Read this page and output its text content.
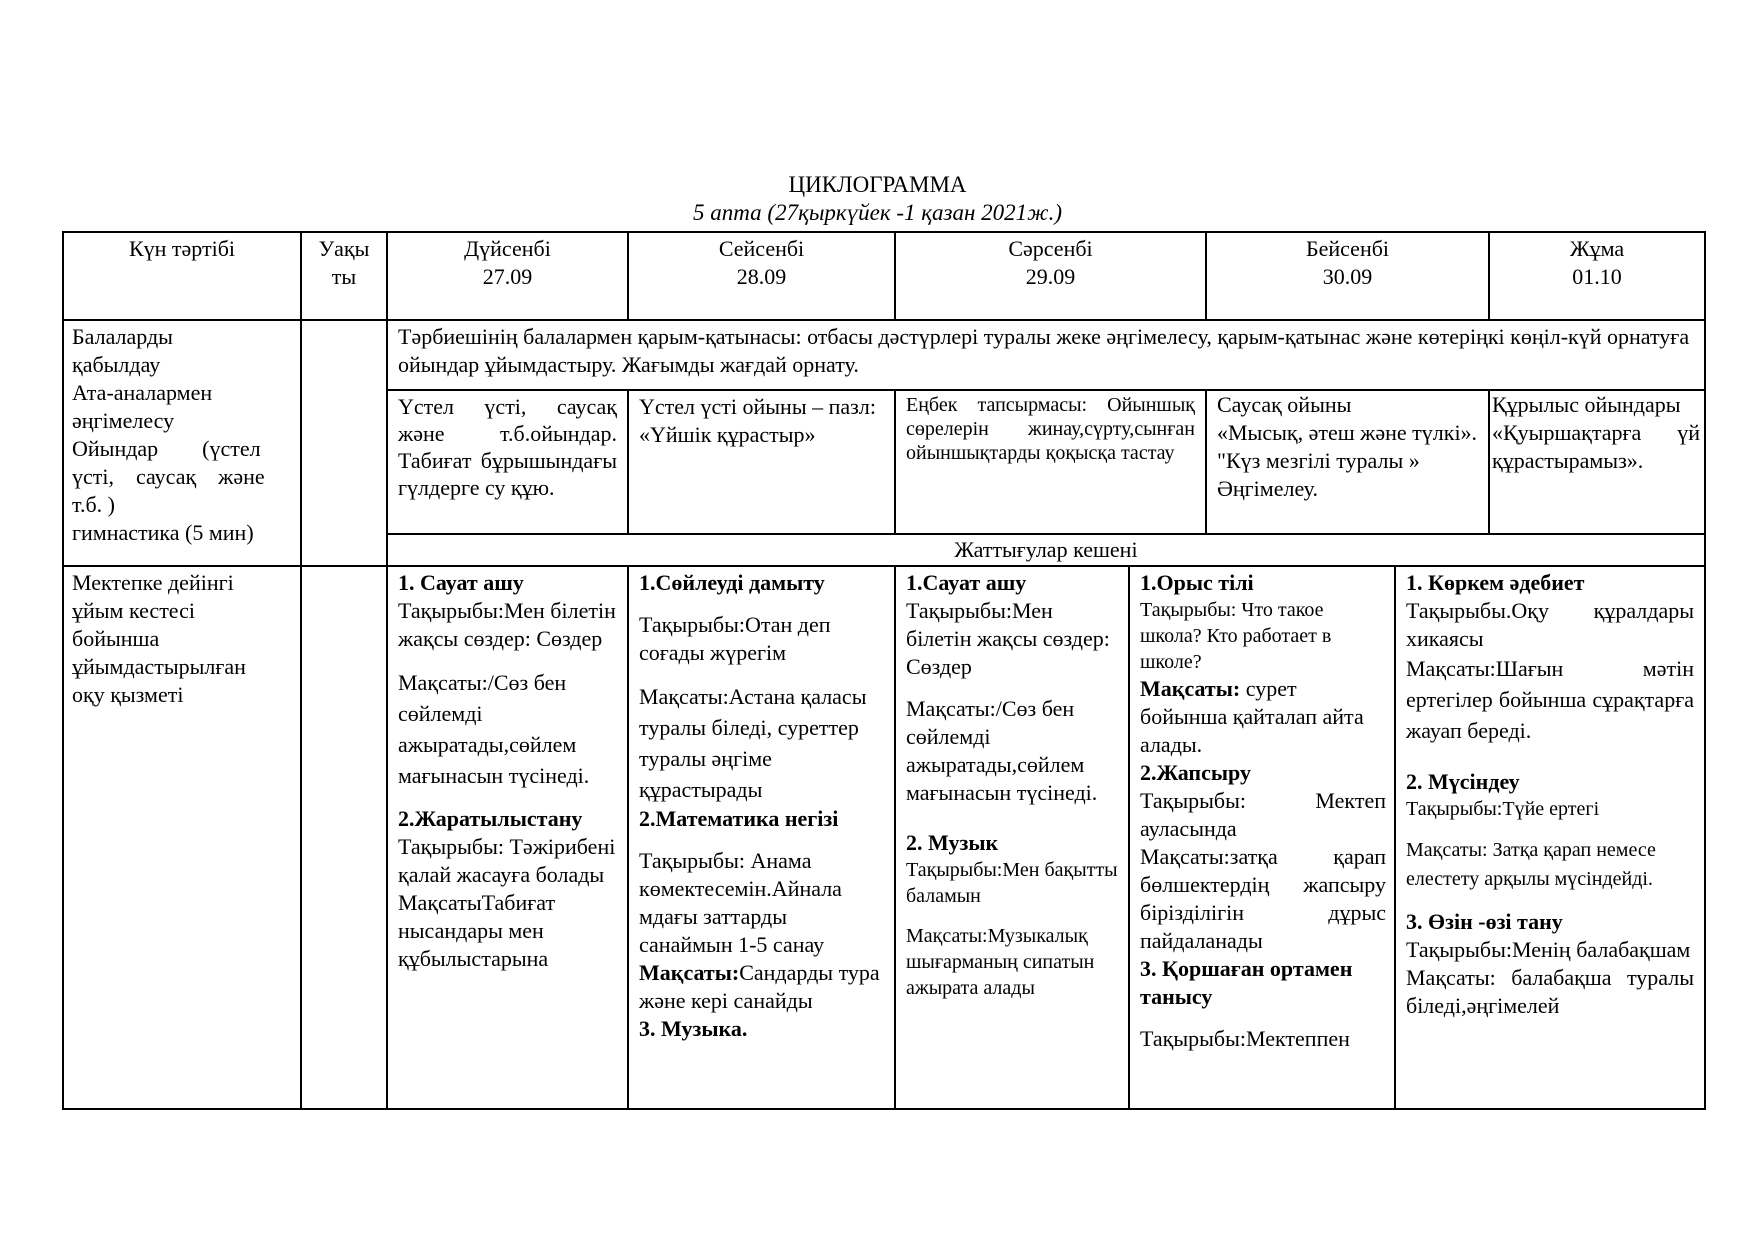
ЦИКЛОГРАММА
5 апта (27қыркүйек -1 қазан 2021ж.)

Күн тәртібі	Уақы

ты

Дүйсенбі

27.09

Сейсенбі

28.09

Сәрсенбі

29.09

Бейсенбі

30.09

Жұма

01.10

Балаларды

қабылдау

Ата-аналармен

әңгімелесу

Ойындар        (үстел

үсті,    саусақ    және

т.б. )

гимнастика (5 мин)

Тәрбиешінің балалармен қарым-қатынасы: отбасы дәстүрлері туралы жеке әңгімелесу, қарым-қатынас және көтеріңкі көңіл-күй орнатуға ойындар ұйымдастыру. Жағымды жағдай орнату.

Үстел үсті, саусақ және т.б.ойындар. Табиғат бұрышындағы гүлдерге су құю.

Үстел үсті ойыны – пазл:

«Үйшік құрастыр»

Еңбек тапсырмасы: Ойыншық сөрелерін жинау,сүрту,сынған ойыншықтарды қоқысқа тастау

Саусақ ойыны

«Мысық, әтеш және түлкі».

"Күз мезгілі туралы »

Әңгімелеу.

Құрылыс ойындары

«Қуыршақтарға үй құрастырамыз».

Жаттығулар кешені

Мектепке дейінгі

ұйым кестесі

бойынша

ұйымдастырылған

оқу қызметі

1. Сауат ашу

Тақырыбы:Мен білетін жақсы сөздер: Сөздер

Мақсаты:/Сөз бен сөйлемді ажыратады,сөйлем мағынасын түсінеді.

2.Жаратылыстану

Тақырыбы: Тәжірибені қалай жасауға болады МақсатыТабиғат нысандары мен құбылыстарына

1.Сөйлеуді дамыту

Тақырыбы:Отан деп соғады жүрегім

Мақсаты:Астана қаласы туралы біледі, суреттер туралы әңгіме құрастырады

2.Математика негізі

Тақырыбы: Анама көмектесемін.Айнала мдағы заттарды санаймын 1-5 санау

Мақсаты:Сандарды тура және кері санайды

3. Музыка.

1.Сауат ашу

Тақырыбы:Мен білетін жақсы сөздер: Сөздер

Мақсаты:/Сөз бен сөйлемді ажыратады,сөйлем мағынасын түсінеді.

2. Музык

Тақырыбы:Мен бақытты баламын

Мақсаты:Музыкалық шығарманың сипатын ажырата алады

1.Орыс тілі

Тақырыбы: Что такое школа? Кто работает в школе?

Мақсаты: сурет бойынша қайталап айта алады.

2.Жапсыру

Тақырыбы: Мектеп ауласында

Мақсаты:затқа қарап бөлшектердің жапсыру бірізділігін дұрыс пайдаланады

3. Қоршаған ортамен танысу

Тақырыбы:Мектеппен

1. Көркем әдебиет

Тақырыбы.Оқу құралдары хикаясы

Мақсаты:Шағын мәтін ертегілер бойынша сұрақтарға жауап береді.

2. Мүсіндеу

Тақырыбы:Түйе ертегі

Мақсаты: Затқа қарап немесе елестету арқылы мүсіндейді.

3. Өзін -өзі тану

Тақырыбы:Менің балабақшам

Мақсаты: балабақша туралы біледі,әңгімелей
